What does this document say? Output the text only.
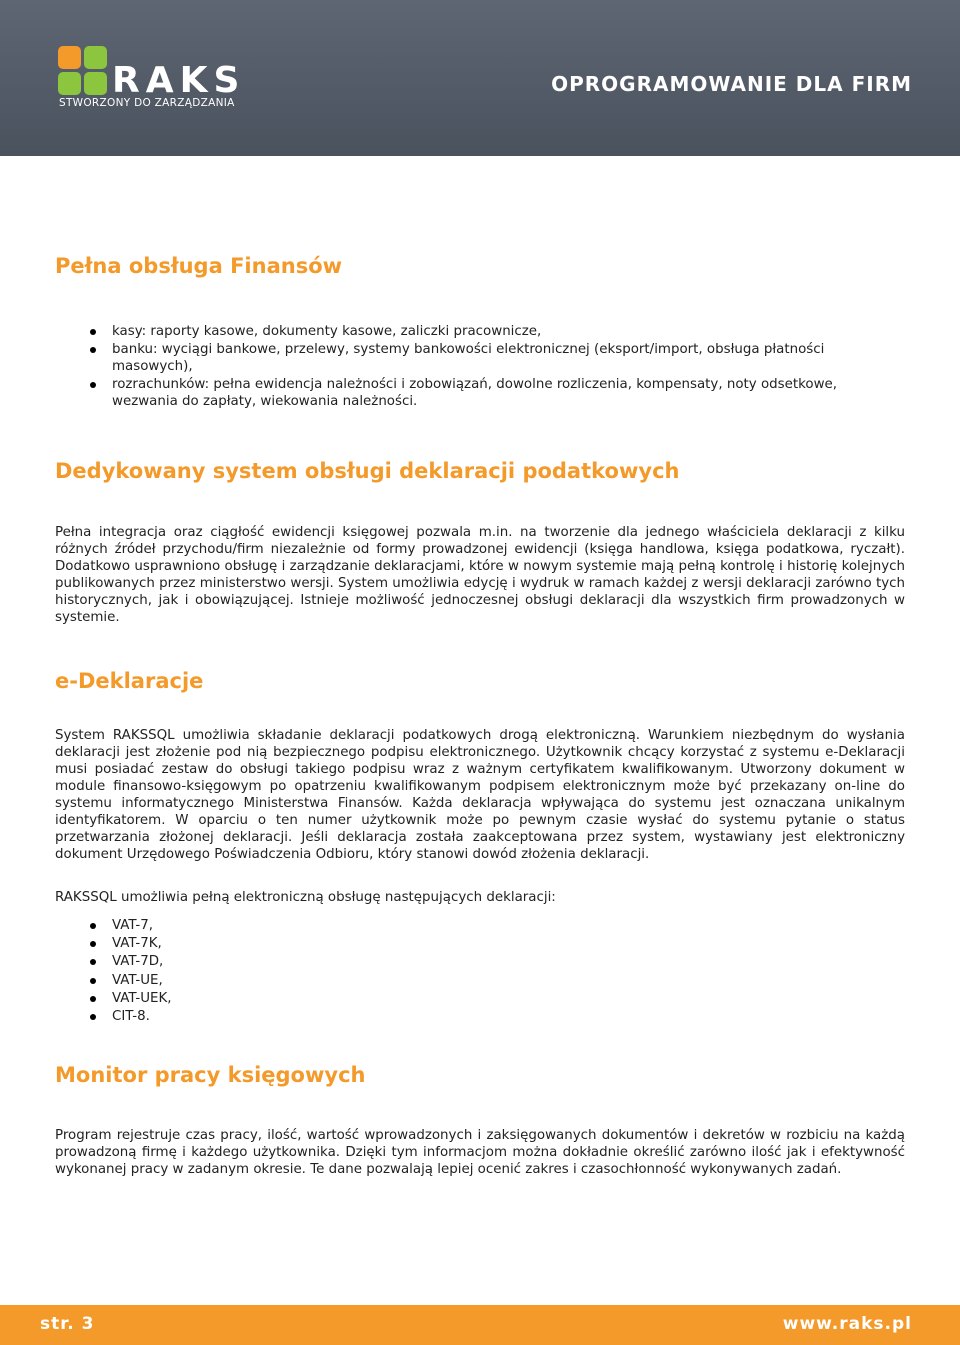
RAKS
STWORZONY DO ZARZĄDZANIA
OPROGRAMOWANIE DLA FIRM
Pełna obsługa Finansów
kasy: raporty kasowe, dokumenty kasowe, zaliczki pracownicze,
banku: wyciągi bankowe, przelewy, systemy bankowości elektronicznej (eksport/import, obsługa płatności masowych),
rozrachunków: pełna ewidencja należności i zobowiązań, dowolne rozliczenia, kompensaty, noty odsetkowe, wezwania do zapłaty, wiekowania należności.
Dedykowany system obsługi deklaracji podatkowych

Pełna integracja oraz ciągłość ewidencji księgowej pozwala m.in. na tworzenie dla jednego właściciela deklaracji z kilku różnych źródeł przychodu/firm niezależnie od formy prowadzonej ewidencji (księga handlowa, księga podatkowa, ryczałt). Dodatkowo usprawniono obsługę i zarządzanie deklaracjami, które w nowym systemie mają pełną kontrolę i historię kolejnych publikowanych przez ministerstwo wersji. System umożliwia edycję i wydruk w ramach każdej z wersji deklaracji zarówno tych historycznych, jak i obowiązującej. Istnieje możliwość jednoczesnej obsługi deklaracji dla wszystkich firm prowadzonych w systemie.

e-Deklaracje

System RAKSSQL umożliwia składanie deklaracji podatkowych drogą elektroniczną. Warunkiem niezbędnym do wysłania deklaracji jest złożenie pod nią bezpiecznego podpisu elektronicznego. Użytkownik chcący korzystać z systemu e-Deklaracji musi posiadać zestaw do obsługi takiego podpisu wraz z ważnym certyfikatem kwalifikowanym. Utworzony dokument w module finansowo-księgowym po opatrzeniu kwalifikowanym podpisem elektronicznym może być przekazany on-line do systemu informatycznego Ministerstwa Finansów. Każda deklaracja wpływająca do systemu jest oznaczana unikalnym identyfikatorem. W oparciu o ten numer użytkownik może po pewnym czasie wysłać do systemu pytanie o status przetwarzania złożonej deklaracji. Jeśli deklaracja została zaakceptowana przez system, wystawiany jest elektroniczny dokument Urzędowego Poświadczenia Odbioru, który stanowi dowód złożenia deklaracji.

RAKSSQL umożliwia pełną elektroniczną obsługę następujących deklaracji:

VAT-7,
VAT-7K,
VAT-7D,
VAT-UE,
VAT-UEK,
CIT-8.
Monitor pracy księgowych

Program rejestruje czas pracy, ilość, wartość wprowadzonych i zaksięgowanych dokumentów i dekretów w rozbiciu na każdą prowadzoną firmę i każdego użytkownika. Dzięki tym informacjom można dokładnie określić zarówno ilość jak i efektywność wykonanej pracy w zadanym okresie. Te dane pozwalają lepiej ocenić zakres i czasochłonność wykonywanych zadań.

str. 3	www.raks.pl
